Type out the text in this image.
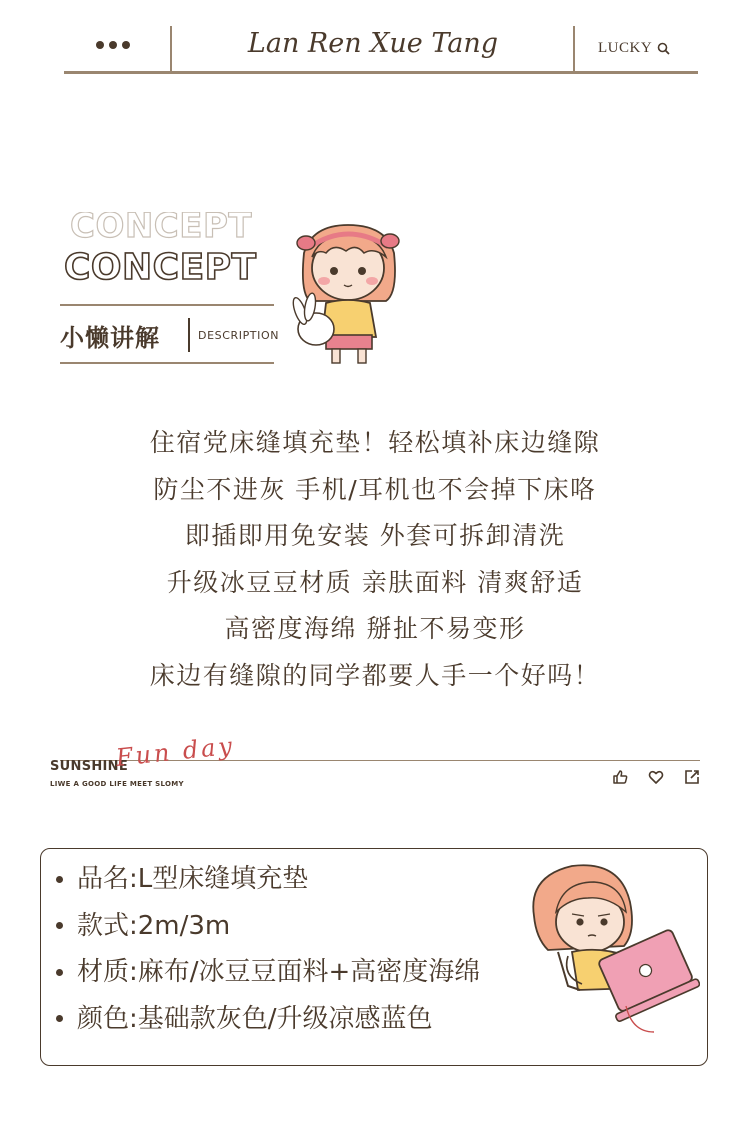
Lan Ren Xue Tang	LUCKY
CONCEPT
CONCEPT
小懒讲解	DESCRIPTION
住宿党床缝填充垫！轻松填补床边缝隙
防尘不进灰 手机/耳机也不会掉下床咯
即插即用免安装 外套可拆卸清洗
升级冰豆豆材质 亲肤面料 清爽舒适
高密度海绵 掰扯不易变形
床边有缝隙的同学都要人手一个好吗！
SUNSHINE
Fun day
LIWE A GOOD LIFE MEET SLOMY
品名:L型床缝填充垫
款式:2m/3m
材质:麻布/冰豆豆面料+高密度海绵
颜色:基础款灰色/升级凉感蓝色
